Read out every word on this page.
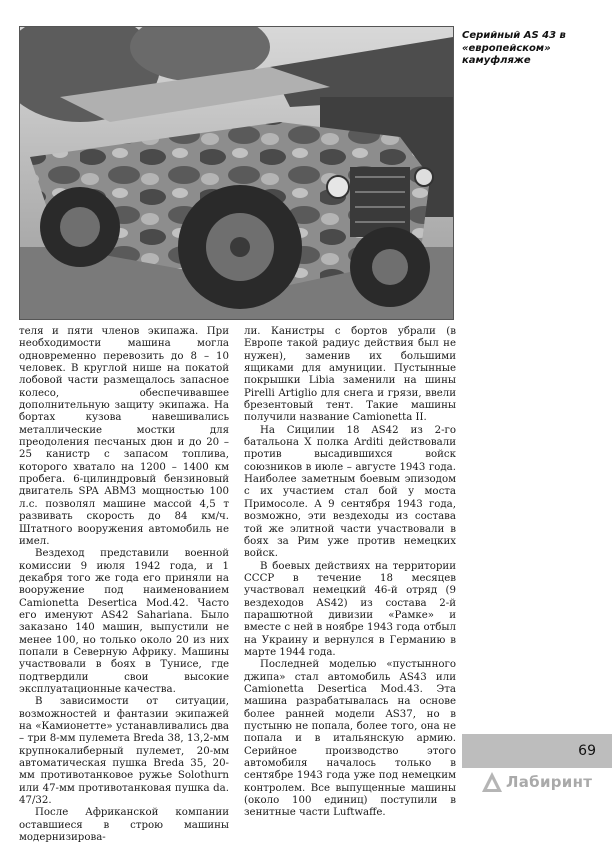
Серийный AS 43 в

«европейском» камуфляже

теля и пяти членов экипажа. При необходимости машина могла одновременно перевозить до 8 – 10 человек. В круглой нише на покатой лобовой части размещалось запасное колесо, обеспечивавшее дополнительную защиту экипажа. На бортах кузова навешивались металлические мостки для преодоления песчаных дюн и до 20 – 25 канистр с запасом топлива, которого хватало на 1200 – 1400 км пробега. 6-цилиндровый бензиновый двигатель SPA ABM3 мощностью 100 л.с. позволял машине массой 4,5 т развивать скорость до 84 км/ч. Штатного вооружения автомобиль не имел.

Вездеход представили военной комиссии 9 июля 1942 года, и 1 декабря того же года его приняли на вооружение под наименованием Camionetta Desertica Mod.42. Часто его именуют AS42 Sahariana. Было заказано 140 машин, выпустили не менее 100, но только около 20 из них попали в Северную Африку. Машины участвовали в боях в Тунисе, где подтвердили свои высокие эксплуатационные качества.

В зависимости от ситуации, возможностей и фантазии экипажей на «Камионетте» устанавливались два – три 8-мм пулемета Breda 38, 13,2-мм крупнокалиберный пулемет, 20-мм автоматическая пушка Breda 35, 20-мм противотанковое ружье Solothurn или 47-мм противотанковая пушка da. 47/32.

После Африканской компании оставшиеся в строю машины модернизирова-

ли. Канистры с бортов убрали (в Европе такой радиус действия был не нужен), заменив их большими ящиками для амуниции. Пустынные покрышки Libia заменили на шины Pirelli Artiglio для снега и грязи, ввели брезентовый тент. Такие машины получили название Camionetta II.

На Сицилии 18 AS42 из 2-го батальона X полка Arditi действовали против высадившихся войск союзников в июле – августе 1943 года. Наиболее заметным боевым эпизодом с их участием стал бой у моста Примосоле. А 9 сентября 1943 года, возможно, эти вездеходы из состава той же элитной части участвовали в боях за Рим уже против немецких войск.

В боевых действиях на территории СССР в течение 18 месяцев участвовал немецкий 46-й отряд (9 вездеходов AS42) из состава 2-й парашютной дивизии «Рамке» и вместе с ней в ноябре 1943 года отбыл на Украину и вернулся в Германию в марте 1944 года.

Последней моделью «пустынного джипа» стал автомобиль AS43 или Camionetta Desertica Mod.43. Эта машина разрабатывалась на основе более ранней модели AS37, но в пустыню не попала, более того, она не попала и в итальянскую армию. Серийное производство этого автомобиля началось только в сентябре 1943 года уже под немецким контролем. Все выпущенные машины (около 100 единиц) поступили в зенитные части Luftwaffe.

69
Лабиринт
